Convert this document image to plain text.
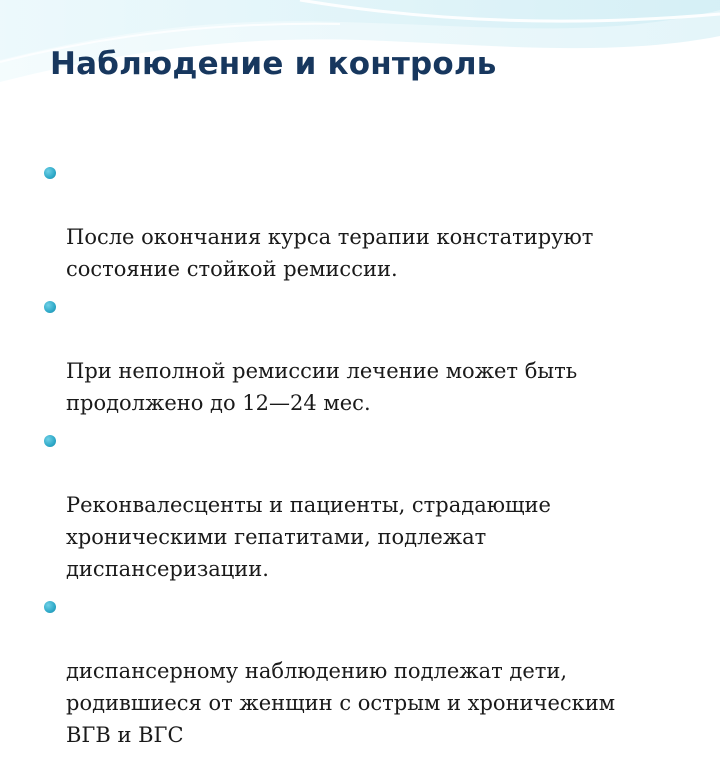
Наблюдение и контроль

После окончания курса терапии констатируют
состояние стойкой ремиссии.

При неполной ремиссии лечение может быть
продолжено до 12—24 мес.

Реконвалесценты и пациенты, страдающие
хроническими гепатитами, подлежат
диспансеризации.

диспансерному наблюдению подлежат дети,
родившиеся от женщин с острым и хроническим
ВГВ и ВГС
